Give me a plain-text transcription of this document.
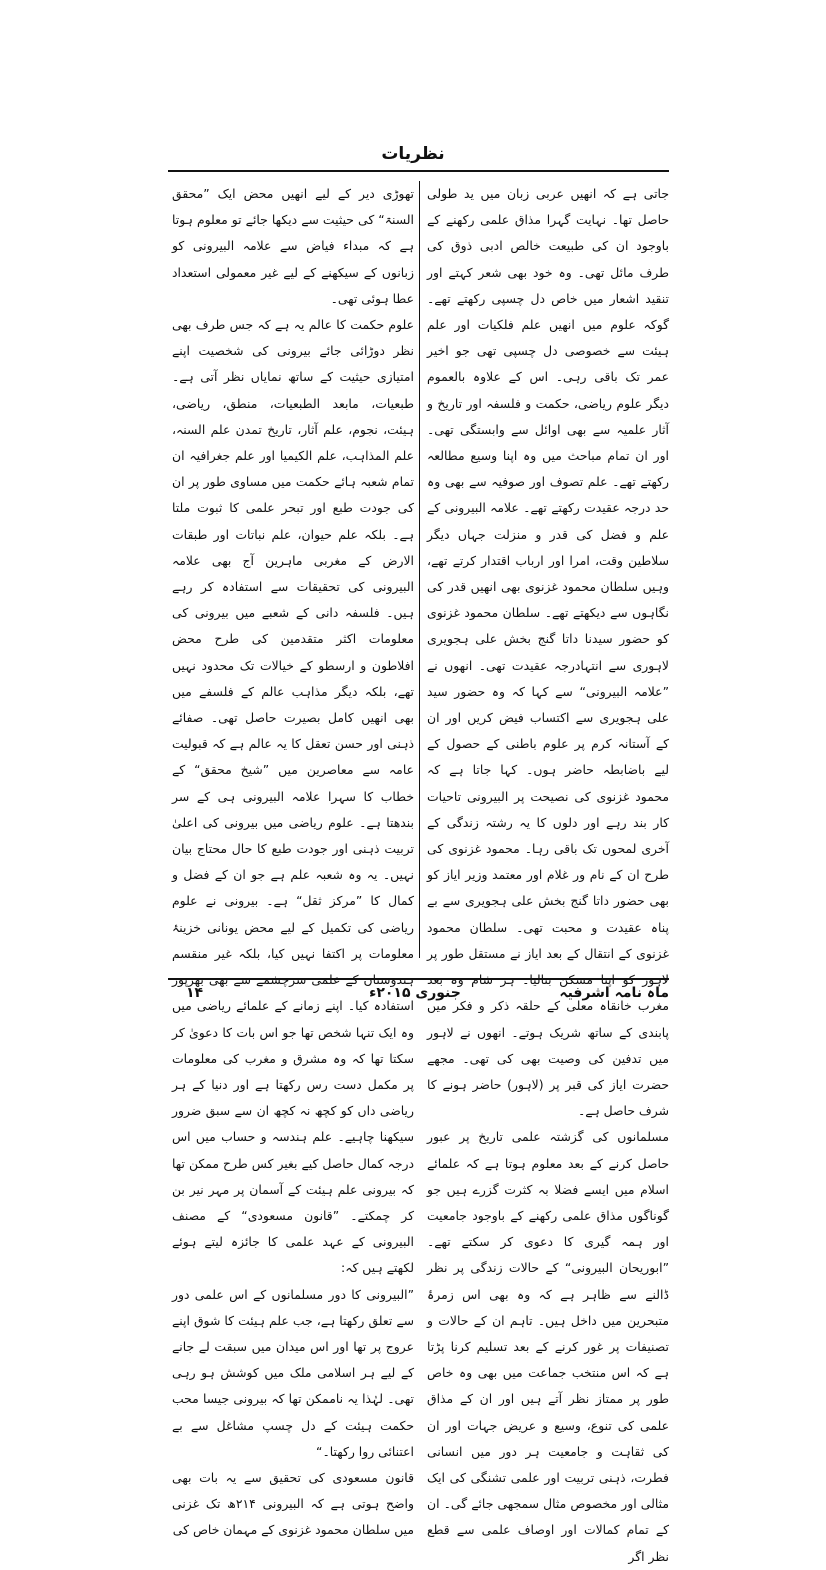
نظریات

جاتی ہے کہ انھیں عربی زبان میں ید طولی حاصل تھا۔ نہایت گہرا مذاق علمی رکھنے کے باوجود ان کی طبیعت خالص ادبی ذوق کی طرف مائل تھی۔ وہ خود بھی شعر کہتے اور تنقید اشعار میں خاص دل چسپی رکھتے تھے۔ گوکہ علوم میں انھیں علم فلکیات اور علم ہیئت سے خصوصی دل چسپی تھی جو اخیر عمر تک باقی رہی۔ اس کے علاوہ بالعموم دیگر علوم ریاضی، حکمت و فلسفہ اور تاریخ و آثار علمیہ سے بھی اوائل سے وابستگی تھی۔ اور ان تمام مباحث میں وہ اپنا وسیع مطالعہ رکھتے تھے۔ علم تصوف اور صوفیہ سے بھی وہ حد درجہ عقیدت رکھتے تھے۔ علامہ البیرونی کے علم و فضل کی قدر و منزلت جہاں دیگر سلاطین وقت، امرا اور ارباب اقتدار کرتے تھے، وہیں سلطان محمود غزنوی بھی انھیں قدر کی نگاہوں سے دیکھتے تھے۔ سلطان محمود غزنوی کو حضور سیدنا داتا گنج بخش علی ہجویری لاہوری سے انتہادرجہ عقیدت تھی۔ انھوں نے ”علامہ البیرونی“ سے کہا کہ وہ حضور سید علی ہجویری سے اکتساب فیض کریں اور ان کے آستانہ کرم پر علوم باطنی کے حصول کے لیے باضابطہ حاضر ہوں۔ کہا جاتا ہے کہ محمود غزنوی کی نصیحت پر البیرونی تاحیات کار بند رہے اور دلوں کا یہ رشتہ زندگی کے آخری لمحوں تک باقی رہا۔ محمود غزنوی کی طرح ان کے نام ور غلام اور معتمد وزیر ایاز کو بھی حضور داتا گنج بخش علی ہجویری سے بے پناہ عقیدت و محبت تھی۔ سلطان محمود غزنوی کے انتقال کے بعد ایاز نے مستقل طور پر لاہور کو اپنا مسکن بنالیا۔ ہر شام وہ بعد مغرب خانقاہ معلی کے حلقہ ذکر و فکر میں پابندی کے ساتھ شریک ہوتے۔ انھوں نے لاہور میں تدفین کی وصیت بھی کی تھی۔ مجھے حضرت ایاز کی قبر پر (لاہور) حاضر ہونے کا شرف حاصل ہے۔

مسلمانوں کی گزشتہ علمی تاریخ پر عبور حاصل کرنے کے بعد معلوم ہوتا ہے کہ علمائے اسلام میں ایسے فضلا بہ کثرت گزرے ہیں جو گوناگوں مذاق علمی رکھنے کے باوجود جامعیت اور ہمہ گیری کا دعوی کر سکتے تھے۔ ”ابوریحان البیرونی“ کے حالات زندگی پر نظر ڈالنے سے ظاہر ہے کہ وہ بھی اس زمرۂ متبحرین میں داخل ہیں۔ تاہم ان کے حالات و تصنیفات پر غور کرنے کے بعد تسلیم کرنا پڑتا ہے کہ اس منتخب جماعت میں بھی وہ خاص طور پر ممتاز نظر آتے ہیں اور ان کے مذاق علمی کی تنوع، وسیع و عریض جہات اور ان کی ثقاہت و جامعیت ہر دور میں انسانی فطرت، ذہنی تربیت اور علمی تشنگی کی ایک مثالی اور مخصوص مثال سمجھی جائے گی۔ ان کے تمام کمالات اور اوصاف علمی سے قطع نظر اگر

تھوڑی دیر کے لیے انھیں محض ایک ”محقق السنۃ“ کی حیثیت سے دیکھا جائے تو معلوم ہوتا ہے کہ مبداء فیاض سے علامہ البیرونی کو زبانوں کے سیکھنے کے لیے غیر معمولی استعداد عطا ہوئی تھی۔

علوم حکمت کا عالم یہ ہے کہ جس طرف بھی نظر دوڑائی جائے بیرونی کی شخصیت اپنے امتیازی حیثیت کے ساتھ نمایاں نظر آتی ہے۔ طبعیات، مابعد الطبعیات، منطق، ریاضی، ہیئت، نجوم، علم آثار، تاریخ تمدن علم السنہ، علم المذاہب، علم الکیمیا اور علم جغرافیہ ان تمام شعبہ ہائے حکمت میں مساوی طور پر ان کی جودت طبع اور تبحر علمی کا ثبوت ملتا ہے۔ بلکہ علم حیوان، علم نباتات اور طبقات الارض کے مغربی ماہرین آج بھی علامہ البیرونی کی تحقیقات سے استفادہ کر رہے ہیں۔ فلسفہ دانی کے شعبے میں بیرونی کی معلومات اکثر متقدمین کی طرح محض افلاطون و ارسطو کے خیالات تک محدود نہیں تھے، بلکہ دیگر مذاہب عالم کے فلسفے میں بھی انھیں کامل بصیرت حاصل تھی۔ صفائے ذہنی اور حسن تعقل کا یہ عالم ہے کہ قبولیت عامہ سے معاصرین میں ”شیخ محقق“ کے خطاب کا سہرا علامہ البیرونی ہی کے سر بندھتا ہے۔ علوم ریاضی میں بیرونی کی اعلیٰ تربیت ذہنی اور جودت طبع کا حال محتاج بیان نہیں۔ یہ وہ شعبہ علم ہے جو ان کے فضل و کمال کا ”مرکز ثقل“ ہے۔ بیرونی نے علوم ریاضی کی تکمیل کے لیے محض یونانی خزینۂ معلومات پر اکتفا نہیں کیا، بلکہ غیر منقسم ہندوستان کے علمی سرچشمے سے بھی بھرپور استفادہ کیا۔ اپنے زمانے کے علمائے ریاضی میں وہ ایک تنہا شخص تھا جو اس بات کا دعویٰ کر سکتا تھا کہ وہ مشرق و مغرب کی معلومات پر مکمل دست رس رکھتا ہے اور دنیا کے ہر ریاضی داں کو کچھ نہ کچھ ان سے سبق ضرور سیکھنا چاہیے۔ علم ہندسہ و حساب میں اس درجہ کمال حاصل کیے بغیر کس طرح ممکن تھا کہ بیرونی علم ہیئت کے آسمان پر مہر نیر بن کر چمکتے۔ ”قانون مسعودی“ کے مصنف البیرونی کے عہد علمی کا جائزہ لیتے ہوئے لکھتے ہیں کہ:

”البیرونی کا دور مسلمانوں کے اس علمی دور سے تعلق رکھتا ہے، جب علم ہیئت کا شوق اپنے عروج پر تھا اور اس میدان میں سبقت لے جانے کے لیے ہر اسلامی ملک میں کوشش ہو رہی تھی۔ لہٰذا یہ ناممکن تھا کہ بیرونی جیسا محب حکمت ہیئت کے دل چسپ مشاغل سے بے اعتنائی روا رکھتا۔“

قانون مسعودی کی تحقیق سے یہ بات بھی واضح ہوتی ہے کہ البیرونی ۲۱۴ھ تک غزنی میں سلطان محمود غزنوی کے مہمان خاص کی

ماہ نامہ اشرفیہ
جنوری ۲۰۱۵ء
۱۴
